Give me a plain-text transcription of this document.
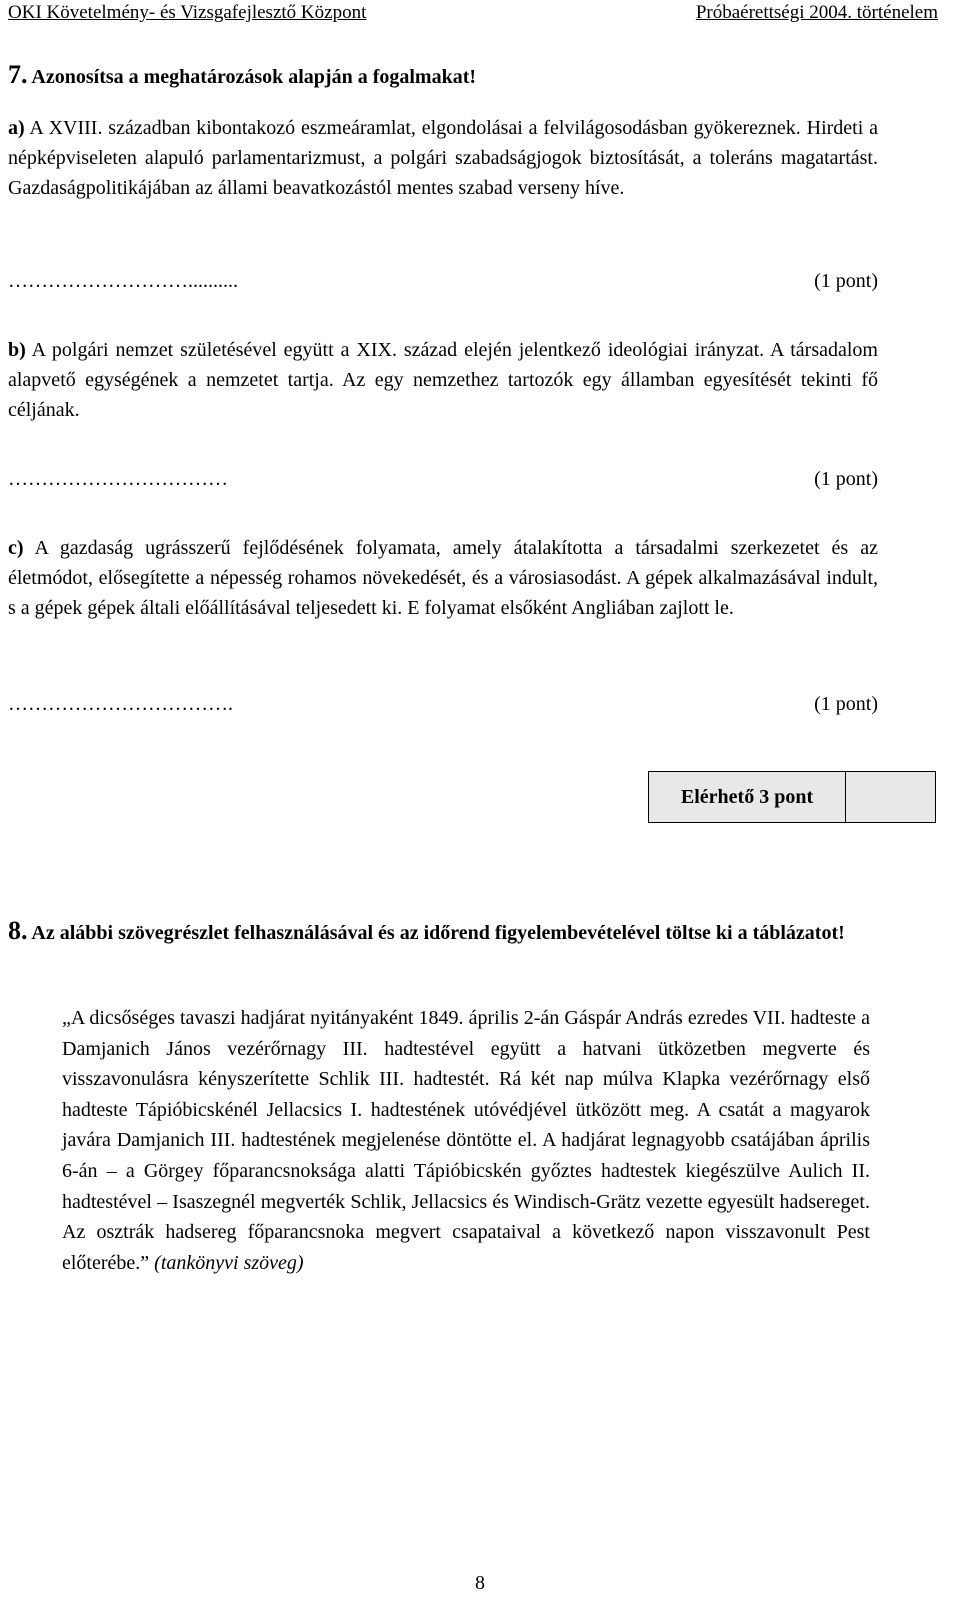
OKI Követelmény- és Vizsgafejlesztő Központ	Próbaérettségi 2004. történelem
7. Azonosítsa a meghatározások alapján a fogalmakat!
a) A XVIII. században kibontakozó eszmeáramlat, elgondolásai a felvilágosodásban gyökereznek. Hirdeti a népképviseleten alapuló parlamentarizmust, a polgári szabadságjogok biztosítását, a toleráns magatartást. Gazdaságpolitikájában az állami beavatkozástól mentes szabad verseny híve.
………………………..........	(1 pont)
b) A polgári nemzet születésével együtt a XIX. század elején jelentkező ideológiai irányzat. A társadalom alapvető egységének a nemzetet tartja. Az egy nemzethez tartozók egy államban egyesítését tekinti fő céljának.
……………………………	(1 pont)
c) A gazdaság ugrásszerű fejlődésének folyamata, amely átalakította a társadalmi szerkezetet és az életmódot, elősegítette a népesség rohamos növekedését, és a városiasodást. A gépek alkalmazásával indult, s a gépek gépek általi előállításával teljesedett ki. E folyamat elsőként Angliában zajlott le.
…………………………….	(1 pont)
Elérhető 3 pont
8. Az alábbi szövegrészlet felhasználásával és az időrend figyelembevételével töltse ki a táblázatot!
„A dicsőséges tavaszi hadjárat nyitányaként 1849. április 2-án Gáspár András ezredes VII. hadteste a Damjanich János vezérőrnagy III. hadtestével együtt a hatvani ütközetben megverte és visszavonulásra kényszerítette Schlik III. hadtestét. Rá két nap múlva Klapka vezérőrnagy első hadteste Tápióbicskénél Jellacsics I. hadtestének utóvédjével ütközött meg. A csatát a magyarok javára Damjanich III. hadtestének megjelenése döntötte el. A hadjárat legnagyobb csatájában április 6-án – a Görgey főparancsnoksága alatti Tápióbicskén győztes hadtestek kiegészülve Aulich II. hadtestével – Isaszegnél megverték Schlik, Jellacsics és Windisch-Grätz vezette egyesült hadsereget. Az osztrák hadsereg főparancsnoka megvert csapataival a következő napon visszavonult Pest előterébe.” (tankönyvi szöveg)
8
